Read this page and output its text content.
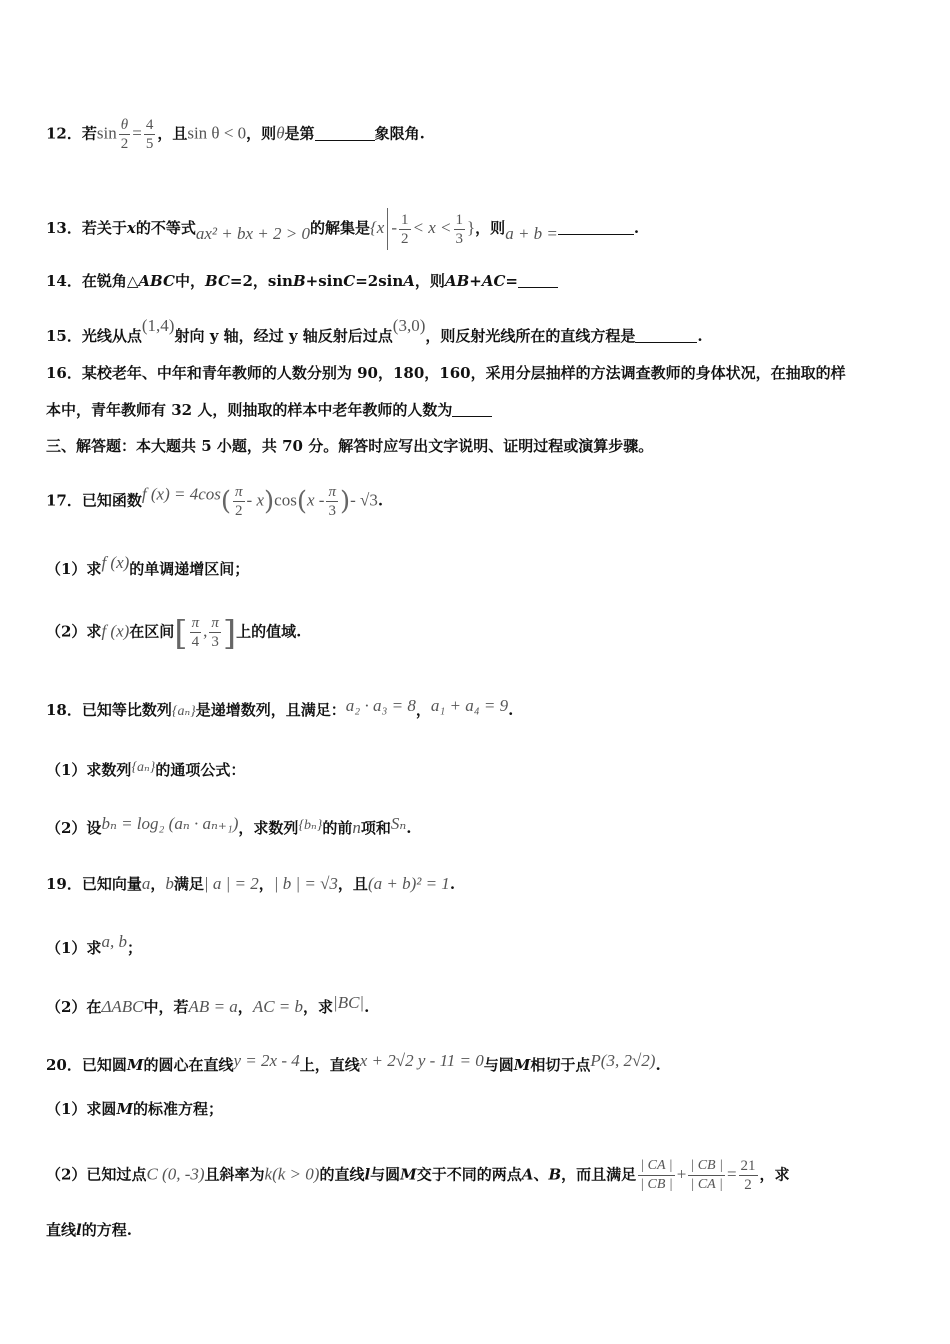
12．若$\sin \frac{\theta}{2} = \frac{4}{5}$ ，且sin θ < 0，则θ是第	象限角.
13．若关于x的不等式ax² + bx + 2 > 0的解集是{$x - \frac{1}{2} < x < \frac{1}{3}$ }，则a + b =	.
14．在锐角△ABC中，BC=2，sinB+sinC=2sinA，则AB+AC=
15．光线从点(1,4)射向 y 轴，经过 y 轴反射后过点(3,0)，则反射光线所在的直线方程是	.
16．某校老年、中年和青年教师的人数分别为 90，180，160，采用分层抽样的方法调查教师的身体状况，在抽取的样
本中，青年教师有 32 人，则抽取的样本中老年教师的人数为
三、解答题：本大题共 5 小题，共 70 分。解答时应写出文字说明、证明过程或演算步骤。
17．已知函数f $(x) = 4\cos( \frac{\pi}{2} - x)\cos(x - \frac{\pi}{3}$ )- √3.
（1）求f (x)的单调递增区间；
（2）求f (x)在区间[ $\frac{\pi}{4}$ , $\frac{\pi}{3}$ ]上的值域.
18．已知等比数列{aₙ}是递增数列，且满足：a₂ · a₃ = 8，a₁ + a₄ = 9.
（1）求数列{aₙ}的通项公式：
（2）设bₙ = log₂ (aₙ · aₙ₊₁)，求数列{bₙ}的前n项和Sₙ.
19．已知向量a，b满足| a | = 2，| b | = √3，且(a + b)² = 1.
（1）求a, b；
（2）在ΔABC中，若AB = a，AC = b，求|BC|.
20．已知圆M的圆心在直线y = 2x - 4上，直线x + 2√2 y - 11 = 0与圆M相切于点P(3, 2√2).
（1）求圆M的标准方程；
（2）已知过点C (0, -3)且斜率为k(k > 0)的直线l与圆M交于不同的两点A、B，而且满足 $\frac{| CA |}{| CB |} + \frac{| CB |}{| CA |} = \frac{21}{2}$ ，求
直线l的方程.
